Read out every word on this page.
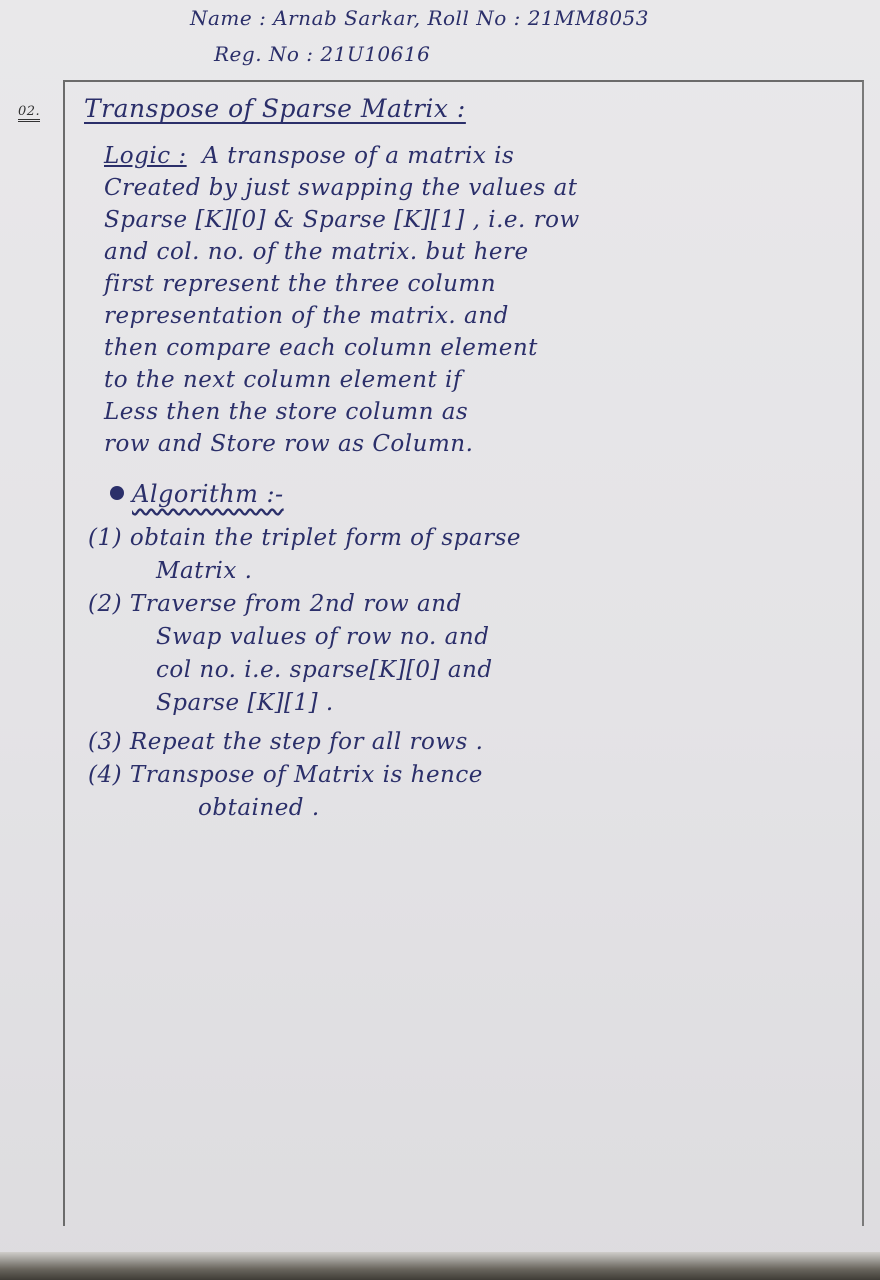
Name : Arnab Sarkar, Roll No : 21MM8053
Reg. No : 21U10616
02. Transpose of Sparse Matrix :
Logic : A transpose of a matrix is
Created by just swapping the values at
Sparse [K][0] & Sparse [K][1] , i.e. row
and col. no. of the matrix. but here
first represent the three column
representation of the matrix. and
then compare each column element
to the next column element if
Less then the store column as
row and Store row as Column.
Algorithm :-
(1) obtain the triplet form of sparse
Matrix .
(2) Traverse from 2nd row and
Swap values of row no. and
col no. i.e. sparse[K][0] and
Sparse [K][1] .
(3) Repeat the step for all rows .
(4) Transpose of Matrix is hence
obtained .
